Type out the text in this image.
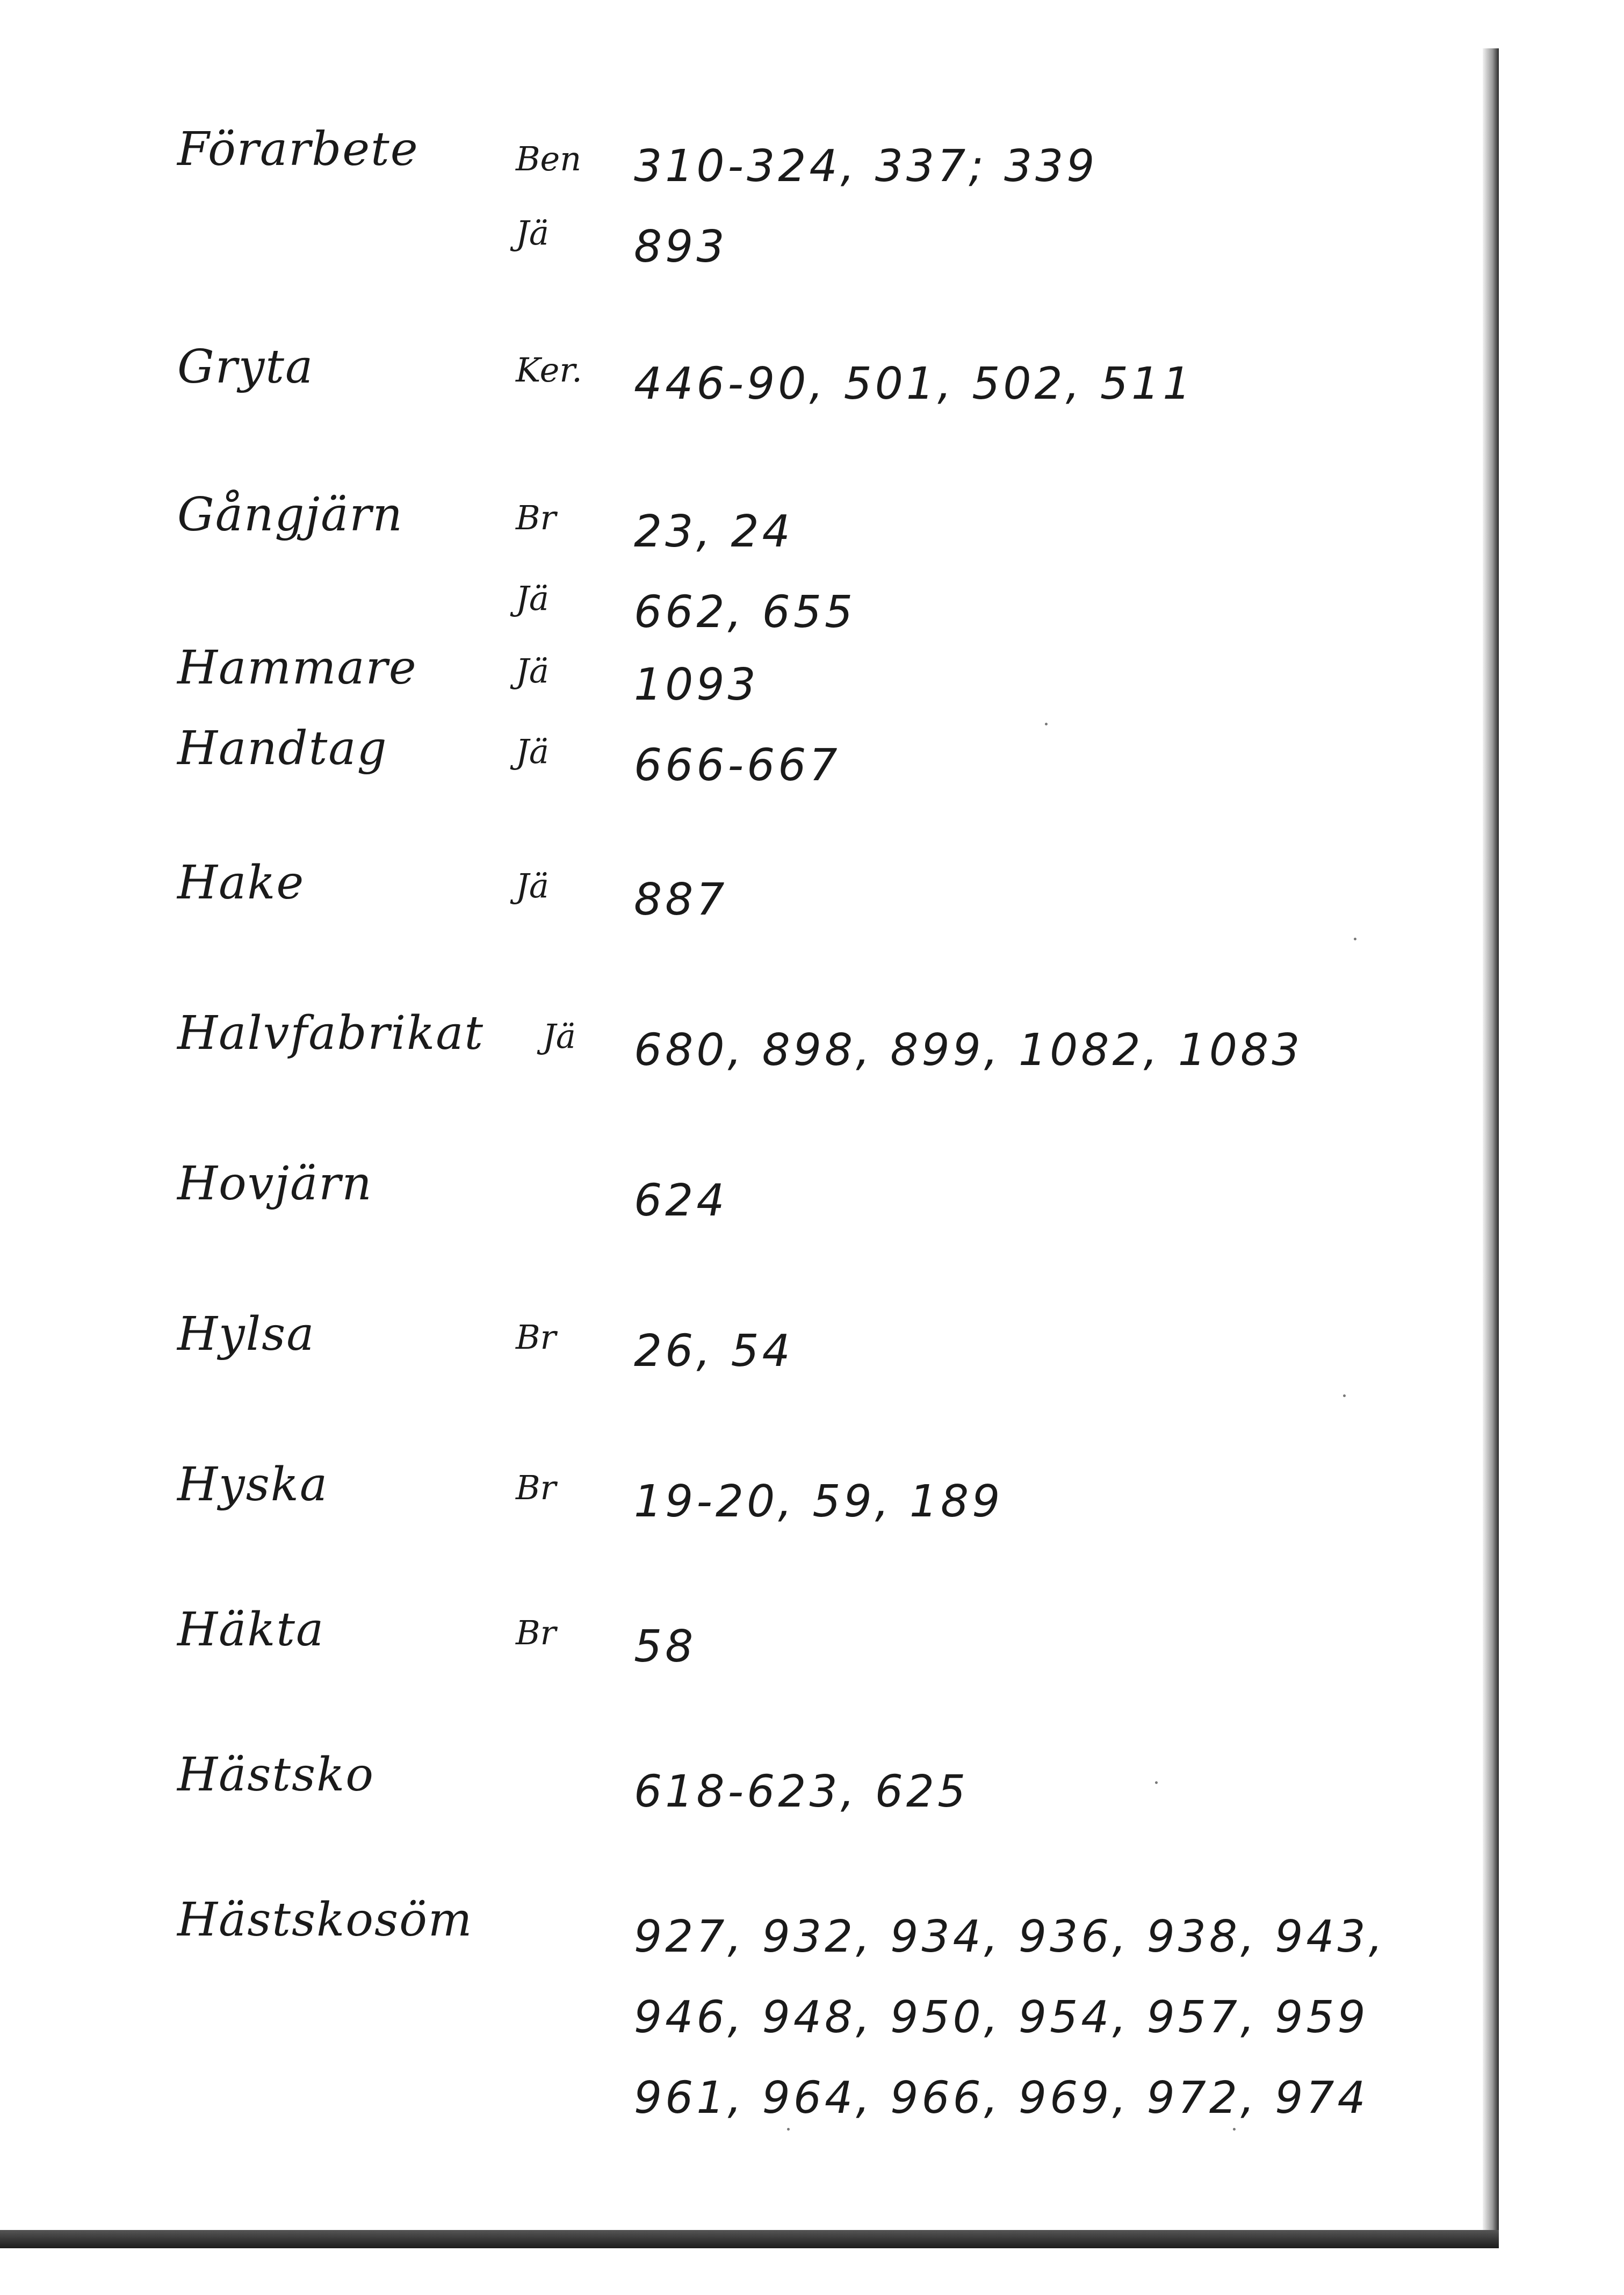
Förarbete	Ben 310-324, 337; 339
Jä 893
Gryta	Ker. 446-90, 501, 502, 511
Gångjärn	Br 23, 24
Jä 662, 655
Hammare	Jä 1093
Handtag	Jä 666-667
Hake	Jä 887
Halvfabrikat Jä 680, 898, 899, 1082, 1083
Hovjärn	624
Hylsa	Br 26, 54
Hyska	Br 19-20, 59, 189
Häkta	Br 58
Hästsko	618-623, 625
Hästskosöm	927, 932, 934, 936, 938, 943,
946, 948, 950, 954, 957, 959
961, 964, 966, 969, 972, 974
